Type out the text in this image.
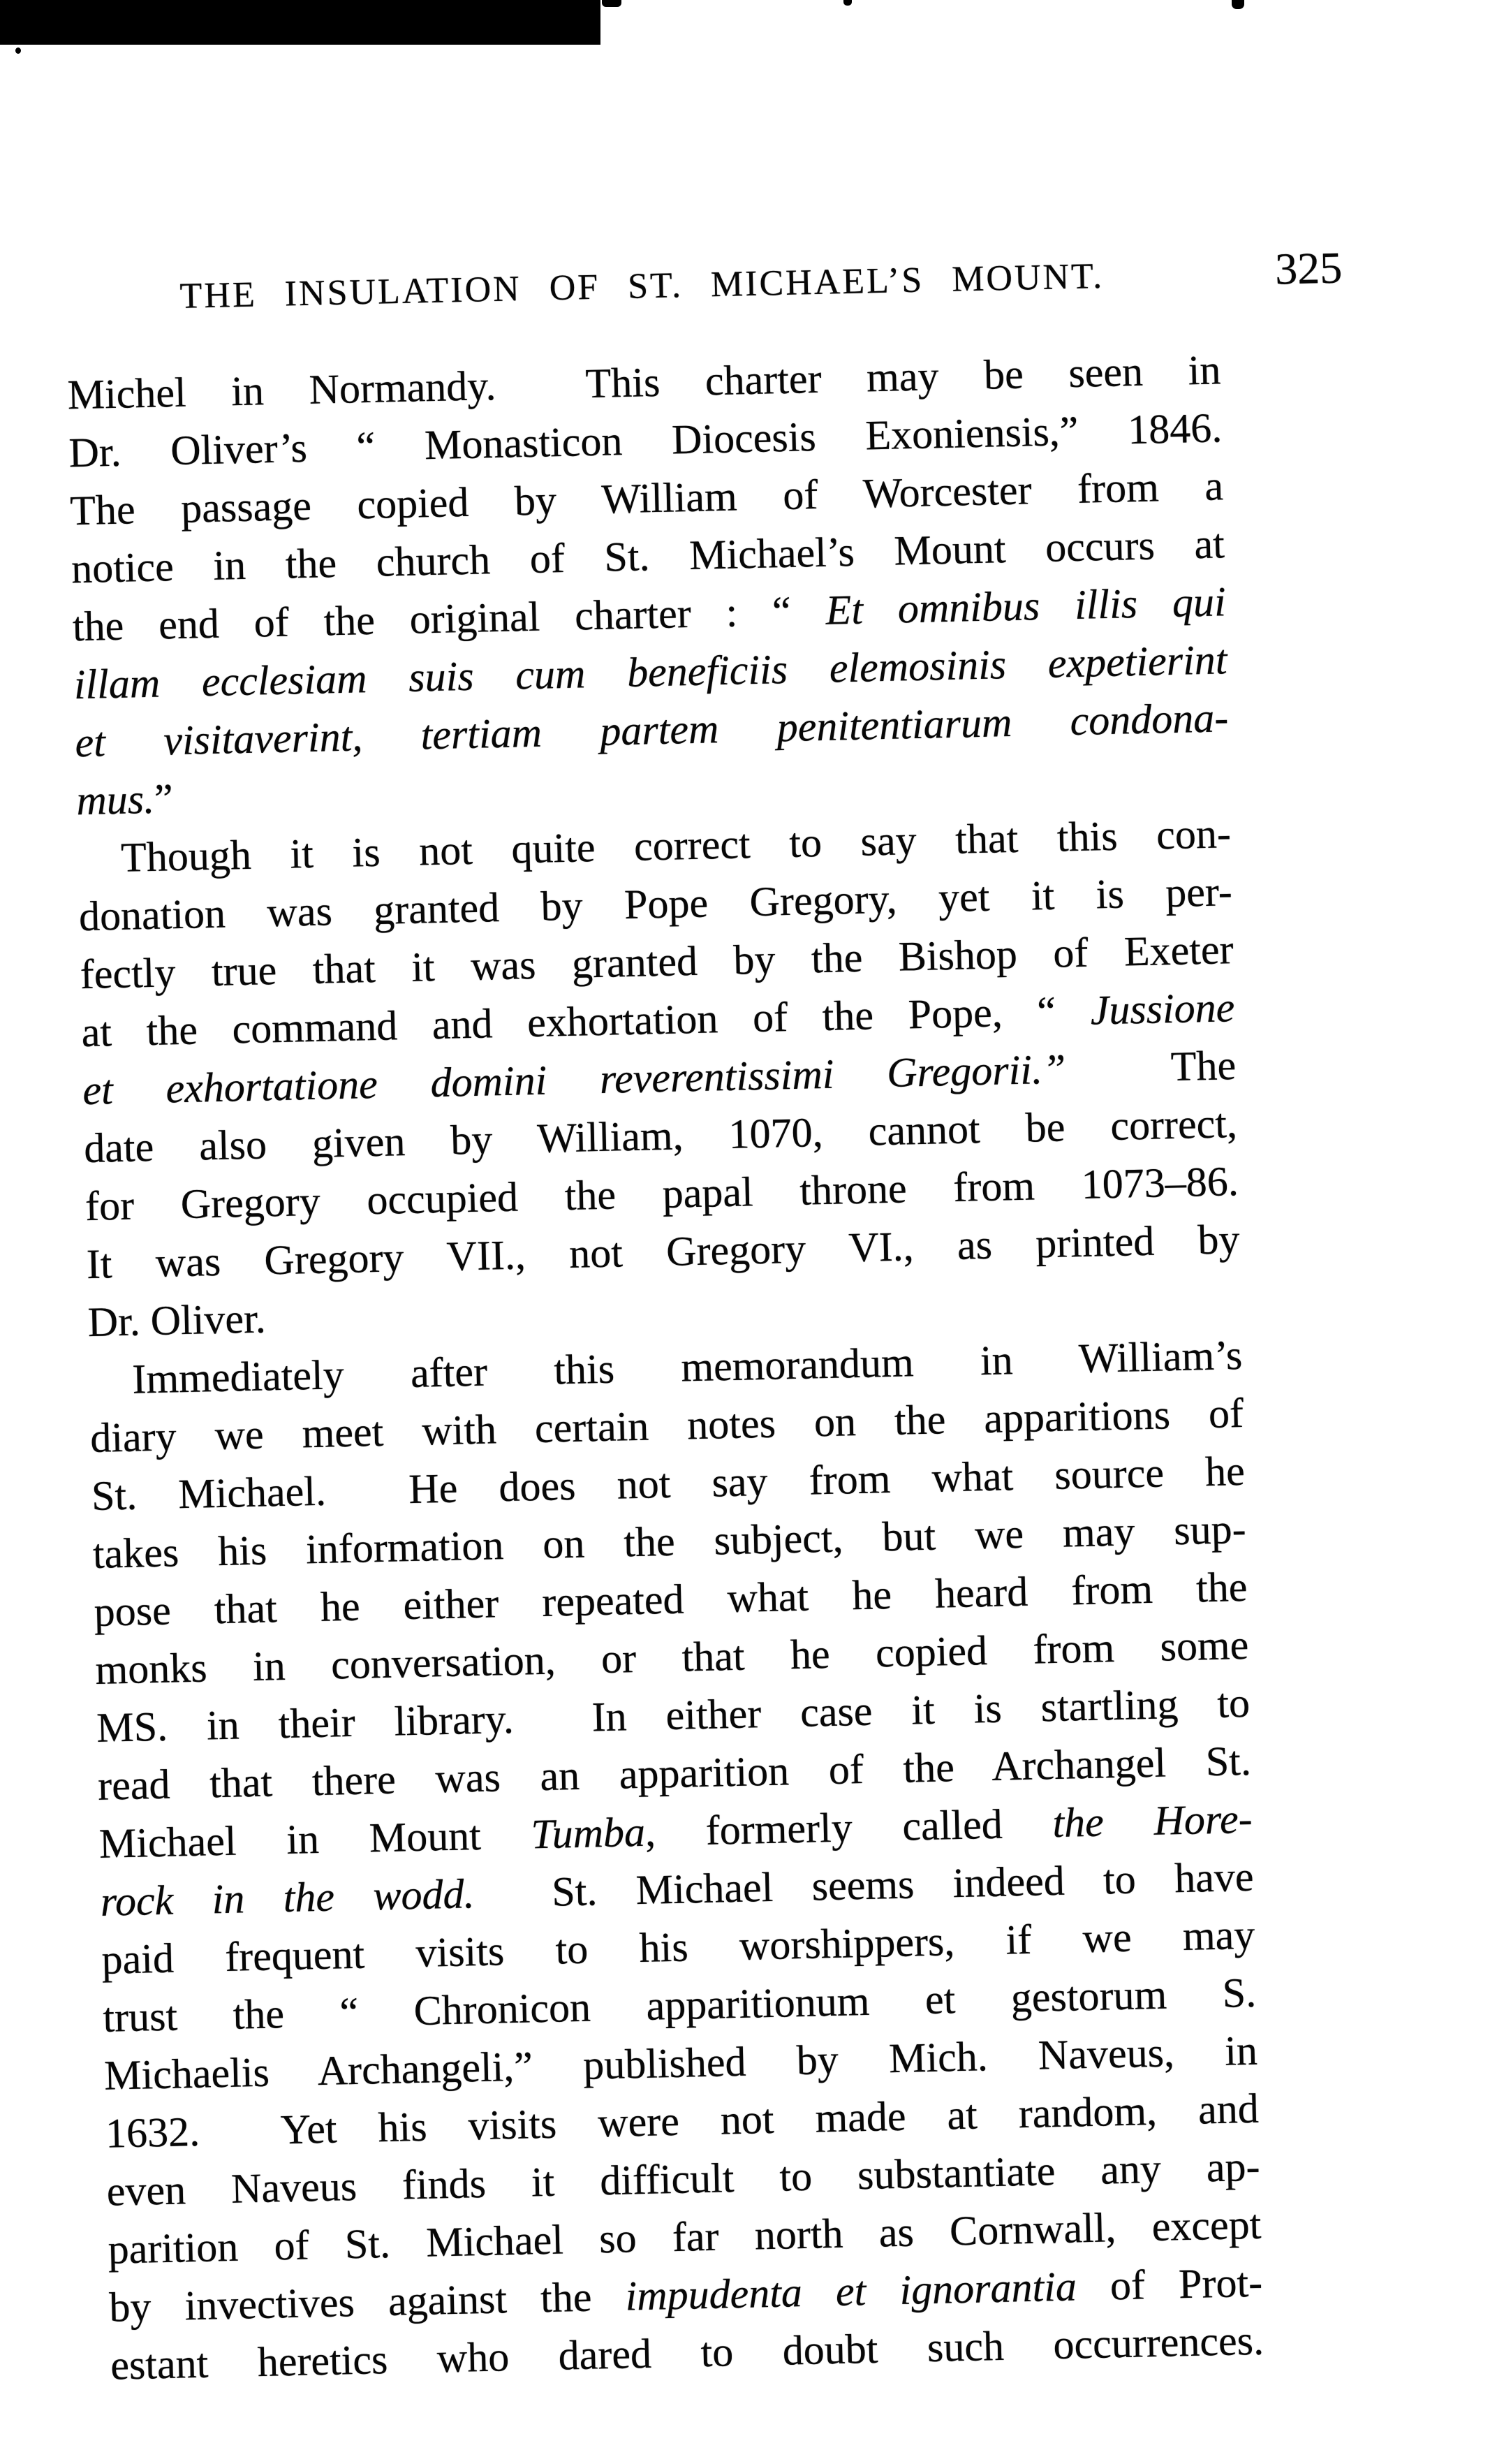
THE INSULATION OF ST. MICHAEL’S MOUNT.	325
Michel in Normandy.  This charter may be seen in
Dr. Oliver’s “ Monasticon Diocesis Exoniensis,” 1846.
The passage copied by William of Worcester from a
notice in the church of St. Michael’s Mount occurs at
the end of the original charter : “ Et omnibus illis qui
illam ecclesiam suis cum beneficiis elemosinis expetierint
et visitaverint, tertiam partem penitentiarum condona-
mus.”
Though it is not quite correct to say that this con-
donation was granted by Pope Gregory, yet it is per-
fectly true that it was granted by the Bishop of Exeter
at the command and exhortation of the Pope, “ Jussione
et exhortatione domini reverentissimi Gregorii.”  The
date also given by William, 1070, cannot be correct,
for Gregory occupied the papal throne from 1073–86.
It was Gregory VII., not Gregory VI., as printed by
Dr. Oliver.
Immediately after this memorandum in William’s
diary we meet with certain notes on the apparitions of
St. Michael.  He does not say from what source he
takes his information on the subject, but we may sup-
pose that he either repeated what he heard from the
monks in conversation, or that he copied from some
MS. in their library.  In either case it is startling to
read that there was an apparition of the Archangel St.
Michael in Mount Tumba, formerly called the Hore-
rock in the wodd.  St. Michael seems indeed to have
paid frequent visits to his worshippers, if we may
trust the “ Chronicon apparitionum et gestorum S.
Michaelis Archangeli,” published by Mich. Naveus, in
1632.  Yet his visits were not made at random, and
even Naveus finds it difficult to substantiate any ap-
parition of St. Michael so far north as Cornwall, except
by invectives against the impudenta et ignorantia of Prot-
estant heretics who dared to doubt such occurrences.
